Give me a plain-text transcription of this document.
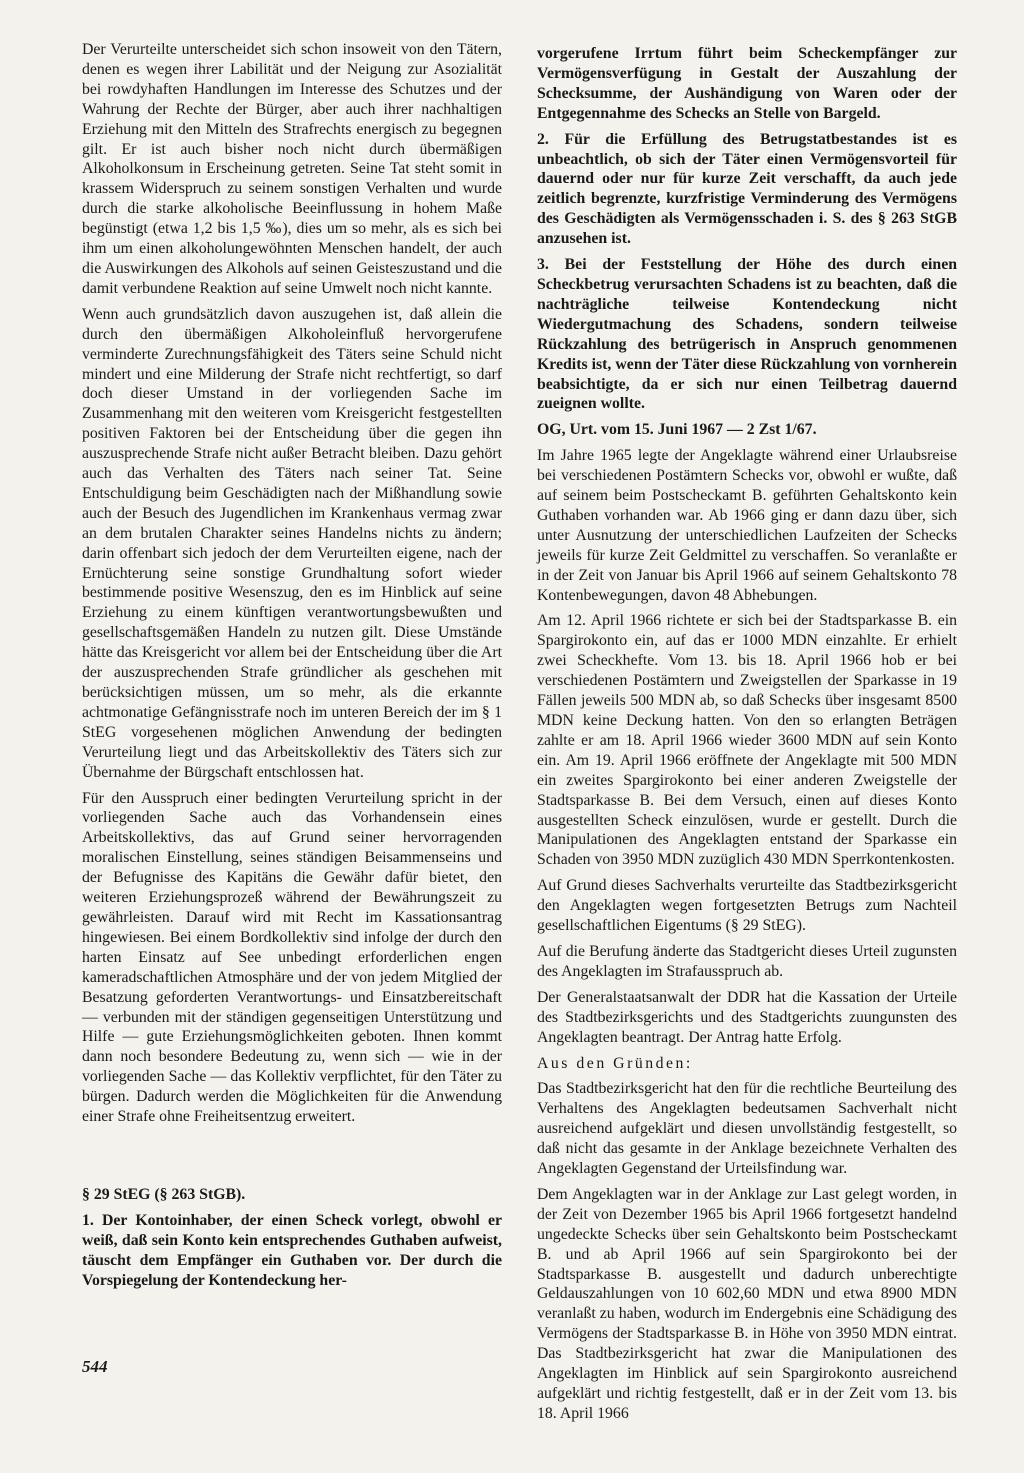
Der Verurteilte unterscheidet sich schon insoweit von den Tätern, denen es wegen ihrer Labilität und der Neigung zur Asozialität bei rowdyhaften Handlungen im Interesse des Schutzes und der Wahrung der Rechte der Bürger, aber auch ihrer nachhaltigen Erziehung mit den Mitteln des Strafrechts energisch zu begegnen gilt. Er ist auch bisher noch nicht durch übermäßigen Alkoholkonsum in Erscheinung getreten. Seine Tat steht somit in krassem Widerspruch zu seinem sonstigen Verhalten und wurde durch die starke alkoholische Beeinflussung in hohem Maße begünstigt (etwa 1,2 bis 1,5 ‰), dies um so mehr, als es sich bei ihm um einen alkoholungewöhnten Menschen handelt, der auch die Auswirkungen des Alkohols auf seinen Geisteszustand und die damit verbundene Reaktion auf seine Umwelt noch nicht kannte.

Wenn auch grundsätzlich davon auszugehen ist, daß allein die durch den übermäßigen Alkoholeinfluß hervorgerufene verminderte Zurechnungsfähigkeit des Täters seine Schuld nicht mindert und eine Milderung der Strafe nicht rechtfertigt, so darf doch dieser Umstand in der vorliegenden Sache im Zusammenhang mit den weiteren vom Kreisgericht festgestellten positiven Faktoren bei der Entscheidung über die gegen ihn auszusprechende Strafe nicht außer Betracht bleiben. Dazu gehört auch das Verhalten des Täters nach seiner Tat. Seine Entschuldigung beim Geschädigten nach der Mißhandlung sowie auch der Besuch des Jugendlichen im Krankenhaus vermag zwar an dem brutalen Charakter seines Handelns nichts zu ändern; darin offenbart sich jedoch der dem Verurteilten eigene, nach der Ernüchterung seine sonstige Grundhaltung sofort wieder bestimmende positive Wesenszug, den es im Hinblick auf seine Erziehung zu einem künftigen verantwortungsbewußten und gesellschaftsgemäßen Handeln zu nutzen gilt. Diese Umstände hätte das Kreisgericht vor allem bei der Entscheidung über die Art der auszusprechenden Strafe gründlicher als geschehen mit berücksichtigen müssen, um so mehr, als die erkannte achtmonatige Gefängnisstrafe noch im unteren Bereich der im § 1 StEG vorgesehenen möglichen Anwendung der bedingten Verurteilung liegt und das Arbeitskollektiv des Täters sich zur Übernahme der Bürgschaft entschlossen hat.

Für den Ausspruch einer bedingten Verurteilung spricht in der vorliegenden Sache auch das Vorhandensein eines Arbeitskollektivs, das auf Grund seiner hervorragenden moralischen Einstellung, seines ständigen Beisammenseins und der Befugnisse des Kapitäns die Gewähr dafür bietet, den weiteren Erziehungsprozeß während der Bewährungszeit zu gewährleisten. Darauf wird mit Recht im Kassationsantrag hingewiesen. Bei einem Bordkollektiv sind infolge der durch den harten Einsatz auf See unbedingt erforderlichen engen kameradschaftlichen Atmosphäre und der von jedem Mitglied der Besatzung geforderten Verantwortungs- und Einsatzbereitschaft — verbunden mit der ständigen gegenseitigen Unterstützung und Hilfe — gute Erziehungsmöglichkeiten geboten. Ihnen kommt dann noch besondere Bedeutung zu, wenn sich — wie in der vorliegenden Sache — das Kollektiv verpflichtet, für den Täter zu bürgen. Dadurch werden die Möglichkeiten für die Anwendung einer Strafe ohne Freiheitsentzug erweitert.

§ 29 StEG (§ 263 StGB).

1. Der Kontoinhaber, der einen Scheck vorlegt, obwohl er weiß, daß sein Konto kein entsprechendes Guthaben aufweist, täuscht dem Empfänger ein Guthaben vor. Der durch die Vorspiegelung der Kontendeckung her-

vorgerufene Irrtum führt beim Scheckempfänger zur Vermögensverfügung in Gestalt der Auszahlung der Schecksumme, der Aushändigung von Waren oder der Entgegennahme des Schecks an Stelle von Bargeld.

2. Für die Erfüllung des Betrugstatbestandes ist es unbeachtlich, ob sich der Täter einen Vermögensvorteil für dauernd oder nur für kurze Zeit verschafft, da auch jede zeitlich begrenzte, kurzfristige Verminderung des Vermögens des Geschädigten als Vermögensschaden i. S. des § 263 StGB anzusehen ist.

3. Bei der Feststellung der Höhe des durch einen Scheckbetrug verursachten Schadens ist zu beachten, daß die nachträgliche teilweise Kontendeckung nicht Wiedergutmachung des Schadens, sondern teilweise Rückzahlung des betrügerisch in Anspruch genommenen Kredits ist, wenn der Täter diese Rückzahlung von vornherein beabsichtigte, da er sich nur einen Teilbetrag dauernd zueignen wollte.

OG, Urt. vom 15. Juni 1967 — 2 Zst 1/67.

Im Jahre 1965 legte der Angeklagte während einer Urlaubsreise bei verschiedenen Postämtern Schecks vor, obwohl er wußte, daß auf seinem beim Postscheckamt B. geführten Gehaltskonto kein Guthaben vorhanden war. Ab 1966 ging er dann dazu über, sich unter Ausnutzung der unterschiedlichen Laufzeiten der Schecks jeweils für kurze Zeit Geldmittel zu verschaffen. So veranlaßte er in der Zeit von Januar bis April 1966 auf seinem Gehaltskonto 78 Kontenbewegungen, davon 48 Abhebungen.

Am 12. April 1966 richtete er sich bei der Stadtsparkasse B. ein Spargirokonto ein, auf das er 1000 MDN einzahlte. Er erhielt zwei Scheckhefte. Vom 13. bis 18. April 1966 hob er bei verschiedenen Postämtern und Zweigstellen der Sparkasse in 19 Fällen jeweils 500 MDN ab, so daß Schecks über insgesamt 8500 MDN keine Deckung hatten. Von den so erlangten Beträgen zahlte er am 18. April 1966 wieder 3600 MDN auf sein Konto ein. Am 19. April 1966 eröffnete der Angeklagte mit 500 MDN ein zweites Spargirokonto bei einer anderen Zweigstelle der Stadtsparkasse B. Bei dem Versuch, einen auf dieses Konto ausgestellten Scheck einzulösen, wurde er gestellt. Durch die Manipulationen des Angeklagten entstand der Sparkasse ein Schaden von 3950 MDN zuzüglich 430 MDN Sperrkontenkosten.

Auf Grund dieses Sachverhalts verurteilte das Stadtbezirksgericht den Angeklagten wegen fortgesetzten Betrugs zum Nachteil gesellschaftlichen Eigentums (§ 29 StEG).

Auf die Berufung änderte das Stadtgericht dieses Urteil zugunsten des Angeklagten im Strafausspruch ab.

Der Generalstaatsanwalt der DDR hat die Kassation der Urteile des Stadtbezirksgerichts und des Stadtgerichts zuungunsten des Angeklagten beantragt. Der Antrag hatte Erfolg.

Aus den Gründen:

Das Stadtbezirksgericht hat den für die rechtliche Beurteilung des Verhaltens des Angeklagten bedeutsamen Sachverhalt nicht ausreichend aufgeklärt und diesen unvollständig festgestellt, so daß nicht das gesamte in der Anklage bezeichnete Verhalten des Angeklagten Gegenstand der Urteilsfindung war.

Dem Angeklagten war in der Anklage zur Last gelegt worden, in der Zeit von Dezember 1965 bis April 1966 fortgesetzt handelnd ungedeckte Schecks über sein Gehaltskonto beim Postscheckamt B. und ab April 1966 auf sein Spargirokonto bei der Stadtsparkasse B. ausgestellt und dadurch unberechtigte Geldauszahlungen von 10 602,60 MDN und etwa 8900 MDN veranlaßt zu haben, wodurch im Endergebnis eine Schädigung des Vermögens der Stadtsparkasse B. in Höhe von 3950 MDN eintrat. Das Stadtbezirksgericht hat zwar die Manipulationen des Angeklagten im Hinblick auf sein Spargirokonto ausreichend aufgeklärt und richtig festgestellt, daß er in der Zeit vom 13. bis 18. April 1966

544
